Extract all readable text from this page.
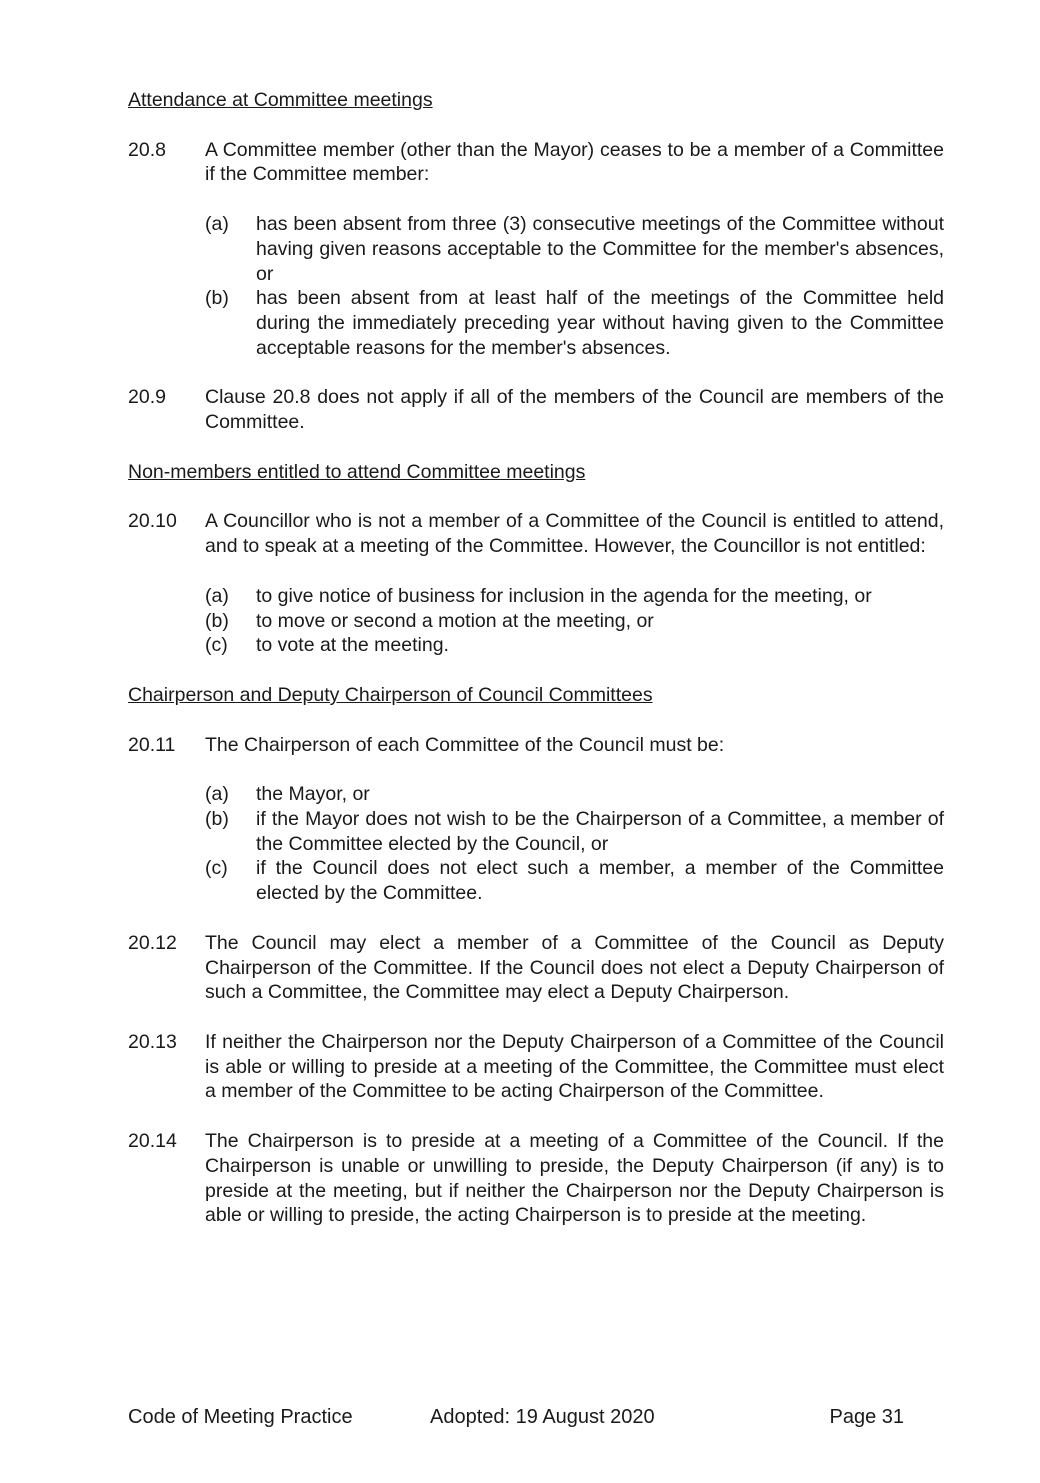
Attendance at Committee meetings

20.8	A Committee member (other than the Mayor) ceases to be a member of a Committee if the Committee member:

(a)	has been absent from three (3) consecutive meetings of the Committee without having given reasons acceptable to the Committee for the member's absences, or
(b)	has been absent from at least half of the meetings of the Committee held during the immediately preceding year without having given to the Committee acceptable reasons for the member's absences.
20.9	Clause 20.8 does not apply if all of the members of the Council are members of the Committee.

Non-members entitled to attend Committee meetings

20.10	A Councillor who is not a member of a Committee of the Council is entitled to attend, and to speak at a meeting of the Committee. However, the Councillor is not entitled:

(a)	to give notice of business for inclusion in the agenda for the meeting, or
(b)	to move or second a motion at the meeting, or
(c)	to vote at the meeting.

Chairperson and Deputy Chairperson of Council Committees

20.11	The Chairperson of each Committee of the Council must be:

(a)	the Mayor, or
(b)	if the Mayor does not wish to be the Chairperson of a Committee, a member of the Committee elected by the Council, or
(c)	if the Council does not elect such a member, a member of the Committee elected by the Committee.
20.12	The Council may elect a member of a Committee of the Council as Deputy Chairperson of the Committee. If the Council does not elect a Deputy Chairperson of such a Committee, the Committee may elect a Deputy Chairperson.

20.13	If neither the Chairperson nor the Deputy Chairperson of a Committee of the Council is able or willing to preside at a meeting of the Committee, the Committee must elect a member of the Committee to be acting Chairperson of the Committee.

20.14	The Chairperson is to preside at a meeting of a Committee of the Council. If the Chairperson is unable or unwilling to preside, the Deputy Chairperson (if any) is to preside at the meeting, but if neither the Chairperson nor the Deputy Chairperson is able or willing to preside, the acting Chairperson is to preside at the meeting.

Code of Meeting Practice	Adopted: 19 August 2020	Page 31
